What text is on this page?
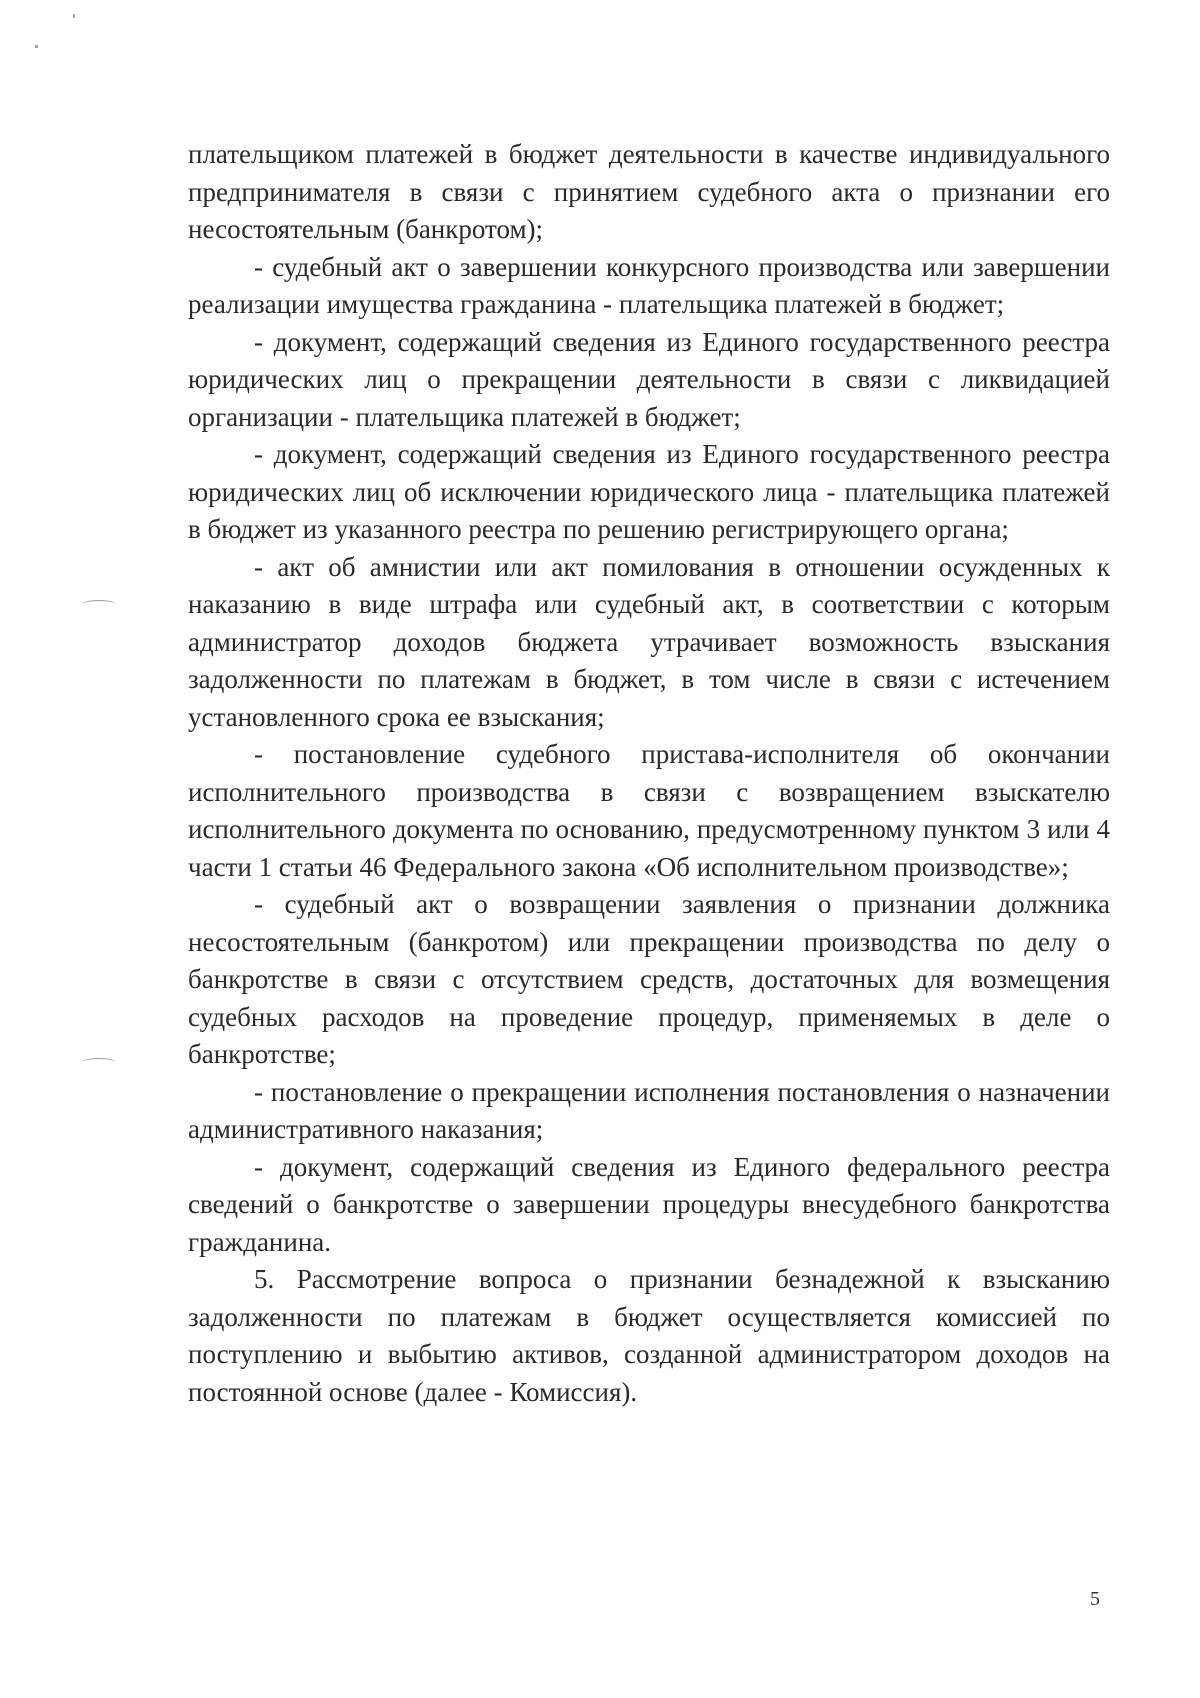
плательщиком платежей в бюджет деятельности в качестве индивидуального предпринимателя в связи с принятием судебного акта о признании его несостоятельным (банкротом);

- судебный акт о завершении конкурсного производства или завершении реализации имущества гражданина - плательщика платежей в бюджет;

- документ, содержащий сведения из Единого государственного реестра юридических лиц о прекращении деятельности в связи с ликвидацией организации - плательщика платежей в бюджет;

- документ, содержащий сведения из Единого государственного реестра юридических лиц об исключении юридического лица - плательщика платежей в бюджет из указанного реестра по решению регистрирующего органа;

- акт об амнистии или акт помилования в отношении осужденных к наказанию в виде штрафа или судебный акт, в соответствии с которым администратор доходов бюджета утрачивает возможность взыскания задолженности по платежам в бюджет, в том числе в связи с истечением установленного срока ее взыскания;

- постановление судебного пристава-исполнителя об окончании исполнительного производства в связи с возвращением взыскателю исполнительного документа по основанию, предусмотренному пунктом 3 или 4 части 1 статьи 46 Федерального закона «Об исполнительном производстве»;

- судебный акт о возвращении заявления о признании должника несостоятельным (банкротом) или прекращении производства по делу о банкротстве в связи с отсутствием средств, достаточных для возмещения судебных расходов на проведение процедур, применяемых в деле о банкротстве;

- постановление о прекращении исполнения постановления о назначении административного наказания;

- документ, содержащий сведения из Единого федерального реестра сведений о банкротстве о завершении процедуры внесудебного банкротства гражданина.

5. Рассмотрение вопроса о признании безнадежной к взысканию задолженности по платежам в бюджет осуществляется комиссией по поступлению и выбытию активов, созданной администратором доходов на постоянной основе (далее - Комиссия).

5
